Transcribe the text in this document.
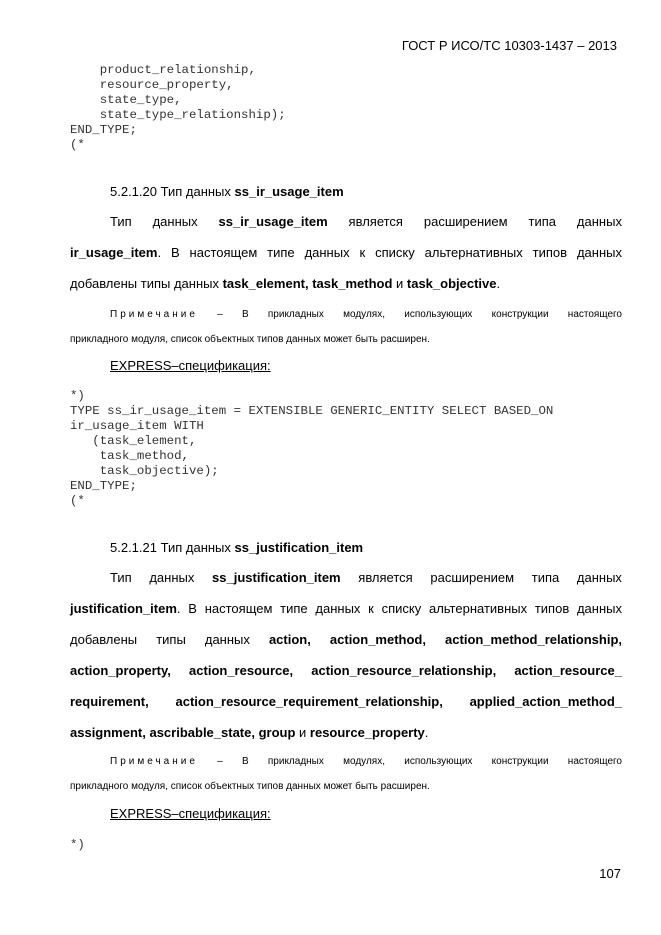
ГОСТ Р ИСО/ТС 10303-1437 – 2013
product_relationship,
resource_property,
state_type,
state_type_relationship);
END_TYPE;
(*
5.2.1.20 Тип данных ss_ir_usage_item
Тип данных ss_ir_usage_item является расширением типа данных
ir_usage_item. В настоящем типе данных к списку альтернативных типов данных
добавлены типы данных task_element, task_method и task_objective.
Примечание – В прикладных модулях, использующих конструкции настоящего
прикладного модуля, список объектных типов данных может быть расширен.
EXPRESS–спецификация:
*)
TYPE ss_ir_usage_item = EXTENSIBLE GENERIC_ENTITY SELECT BASED_ON
ir_usage_item WITH
(task_element,
task_method,
task_objective);
END_TYPE;
(*
5.2.1.21 Тип данных ss_justification_item
Тип данных ss_justification_item является расширением типа данных
justification_item. В настоящем типе данных к списку альтернативных типов данных
добавлены типы данных action, action_method, action_method_relationship,
action_property, action_resource, action_resource_relationship, action_resource_
requirement, action_resource_requirement_relationship, applied_action_method_
assignment, ascribable_state, group и resource_property.
Примечание – В прикладных модулях, использующих конструкции настоящего
прикладного модуля, список объектных типов данных может быть расширен.
EXPRESS–спецификация:
*)
107
